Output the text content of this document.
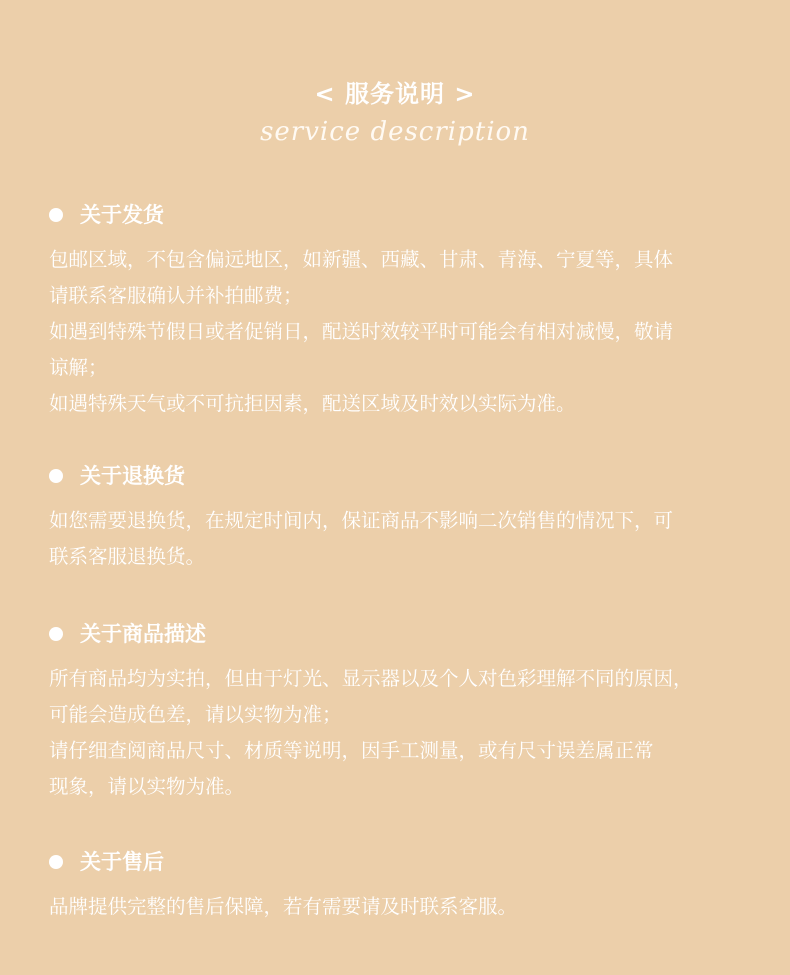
< 服务说明 >
service description
关于发货
包邮区域，不包含偏远地区，如新疆、西藏、甘肃、青海、宁夏等，具体
请联系客服确认并补拍邮费；
如遇到特殊节假日或者促销日，配送时效较平时可能会有相对减慢，敬请
谅解；
如遇特殊天气或不可抗拒因素，配送区域及时效以实际为准。
关于退换货
如您需要退换货，在规定时间内，保证商品不影响二次销售的情况下，可
联系客服退换货。
关于商品描述
所有商品均为实拍，但由于灯光、显示器以及个人对色彩理解不同的原因，
可能会造成色差，请以实物为准；
请仔细查阅商品尺寸、材质等说明，因手工测量，或有尺寸误差属正常
现象，请以实物为准。
关于售后
品牌提供完整的售后保障，若有需要请及时联系客服。
